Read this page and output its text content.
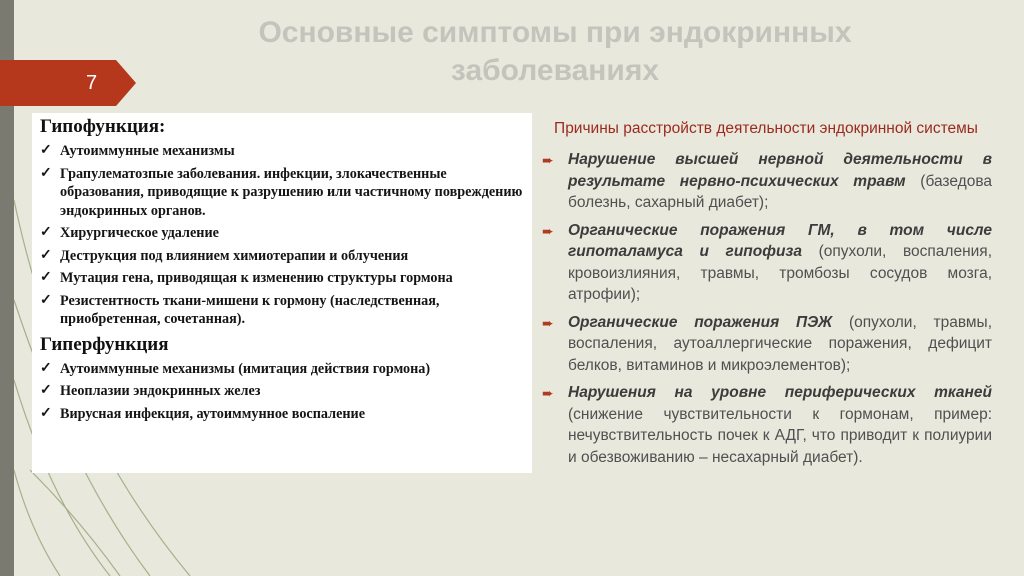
Основные симптомы при эндокринных заболеваниях
7
Гипофункция:
✓ Аутоиммунные механизмы
✓ Грапулематозпые заболевания. инфекции, злокачественные образования, приводящие к разрушению или частичному повреждению эндокринных органов.
✓ Хирургическое удаление
✓ Деструкция под влиянием химиотерапии и облучения
✓ Мутация гена, приводящая к изменению структуры гормона
✓ Резистентность ткани-мишени к гормону (наследственная, приобретенная, сочетанная).
Гиперфункция
✓ Аутоиммунные механизмы (имитация действия гормона)
✓ Неоплазии эндокринных желез
✓ Вирусная инфекция, аутоиммунное воспаление

Причины расстройств деятельности эндокринной системы

➨ Нарушение высшей нервной деятельности в результате нервно-психических травм (базедова болезнь, сахарный диабет);
➨ Органические поражения ГМ, в том числе гипоталамуса и гипофиза (опухоли, воспаления, кровоизлияния, травмы, тромбозы сосудов мозга, атрофии);
➨ Органические поражения ПЭЖ (опухоли, травмы, воспаления, аутоаллергические поражения, дефицит белков, витаминов и микроэлементов);
➨ Нарушения на уровне периферических тканей (снижение чувствительности к гормонам, пример: нечувствительность почек к АДГ, что приводит к полиурии и обезвоживанию – несахарный диабет).
